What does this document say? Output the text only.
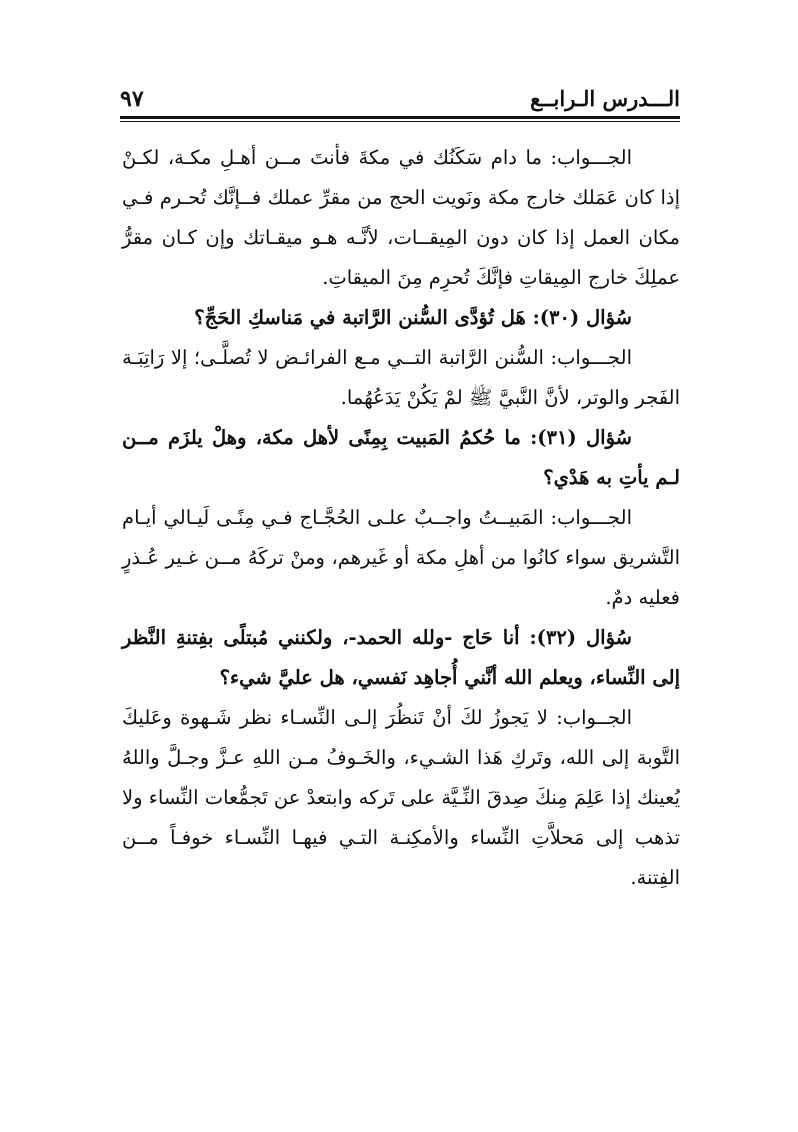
الـــدرس الـرابــع
٩٧

الجـــواب: ما دام سَكَنُك في مكةَ فأنتَ مــن أهـلِ مكـة، لكـنْ إذا كان عَمَلك خارج مكة ونَويت الحج من مقرِّ عملك فــإنَّك تُحـرم فـي مكان العمل إذا كان دون المِيقــات، لأنَّـه هـو ميقـاتك وإن كـان مقرُّ عملِكَ خارج المِيقاتِ فإنَّكَ تُحرِم مِنَ الميقاتِ.

سُؤال (٣٠): هَل تُؤدَّى السُّنن الرَّاتبة في مَناسكِ الحَجِّ؟

الجـــواب: السُّنن الرَّاتبة التــي مـع الفرائـض لا تُصلَّـى؛ إلا رَاتِبَـة الفَجر والوتر، لأنَّ النَّبيَّ ﷺ لمْ يَكُنْ يَدَعُهُما.

سُؤال (٣١): ما حُكمُ المَبيت بِمِنًى لأهل مكة، وهلْ يلزَم مــن لـم يأتِ به هَدْي؟

الجـــواب: المَبيــتُ واجــبٌ علـى الحُجَّـاج فـي مِنًـى لَيـالي أيـام التَّشريق سواء كانُوا من أهلِ مكة أو غَيرهم، ومنْ تركَهُ مــن غـير عُـذرٍ فعليه دمٌ.

سُؤال (٣٢): أنا حَاج -ولله الحمد-، ولكنني مُبتلًى بفِتنةِ النَّظر إلى النِّساء، ويعلم الله أنَّني أُجاهِد نَفسي، هل عليَّ شيء؟

الجــواب: لا يَجوزُ لكَ أنْ تَنظُرَ إلـى النِّسـاء نظر شَـهوة وعَليكَ التَّوبة إلى الله، وتَركِ هَذا الشـيء، والخَـوفُ مـن اللهِ عـزَّ وجـلَّ واللهُ يُعينك إذا عَلِمَ مِنكَ صِدقَ النِّـيَّة على تَركه وابتعدْ عن تَجمُّعات النِّساء ولا تذهب إلى مَحلاَّتِ النِّساء والأمكِنـة التـي فيهـا النِّسـاء خوفـاً مــن الفِتنة.
